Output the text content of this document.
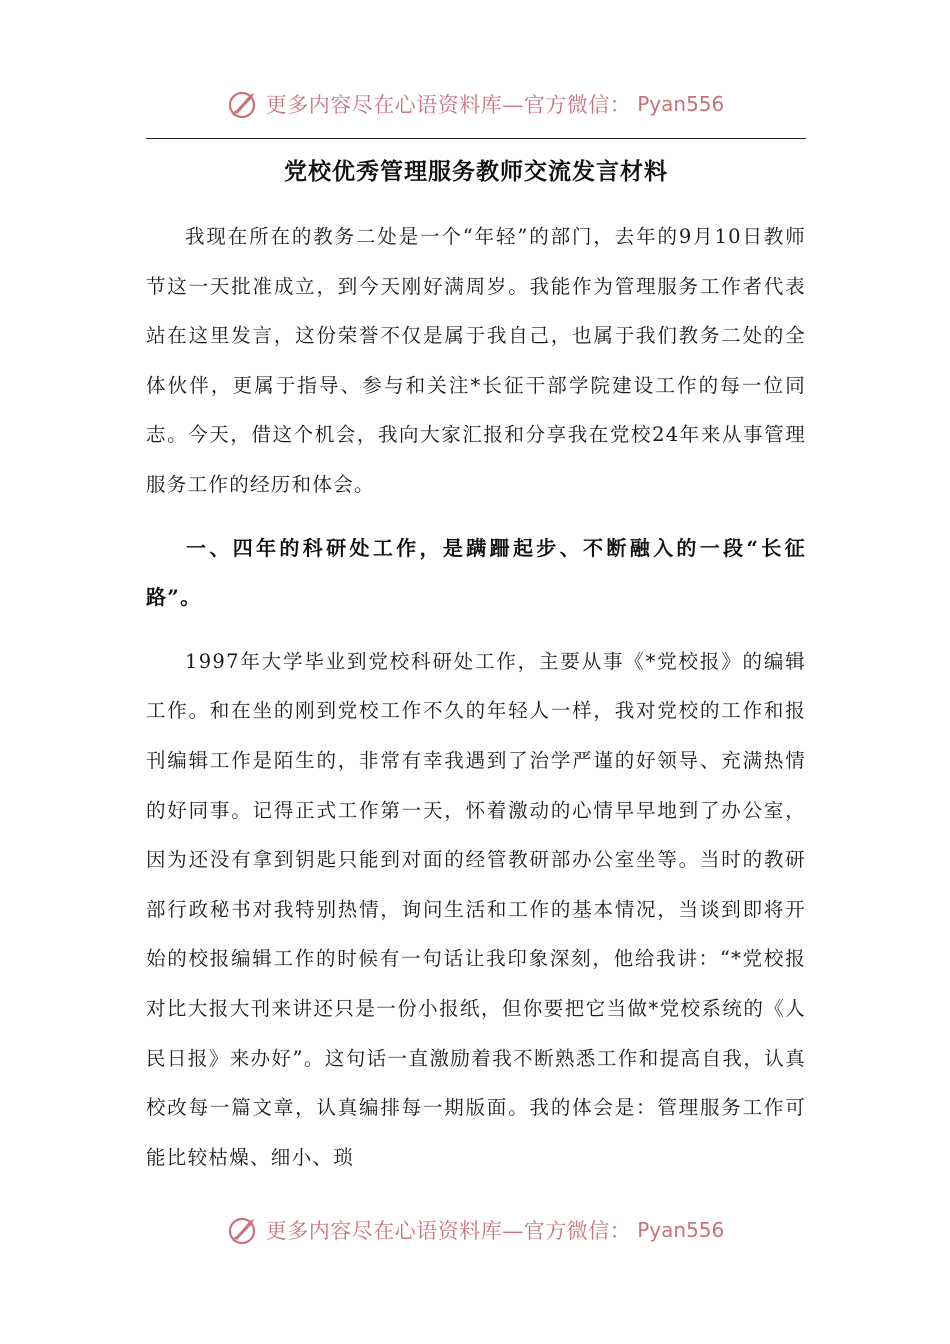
更多内容尽在心语资料库—官方微信： Pyan556
党校优秀管理服务教师交流发言材料

我现在所在的教务二处是一个“年轻”的部门，去年的9月10日教师节这一天批准成立，到今天刚好满周岁。我能作为管理服务工作者代表站在这里发言，这份荣誉不仅是属于我自己，也属于我们教务二处的全体伙伴，更属于指导、参与和关注*长征干部学院建设工作的每一位同志。今天，借这个机会，我向大家汇报和分享我在党校24年来从事管理服务工作的经历和体会。

一、四年的科研处工作，是蹒跚起步、不断融入的一段“长征路”。

1997年大学毕业到党校科研处工作，主要从事《*党校报》的编辑工作。和在坐的刚到党校工作不久的年轻人一样，我对党校的工作和报刊编辑工作是陌生的，非常有幸我遇到了治学严谨的好领导、充满热情的好同事。记得正式工作第一天，怀着激动的心情早早地到了办公室，因为还没有拿到钥匙只能到对面的经管教研部办公室坐等。当时的教研部行政秘书对我特别热情，询问生活和工作的基本情况，当谈到即将开始的校报编辑工作的时候有一句话让我印象深刻，他给我讲：“*党校报对比大报大刊来讲还只是一份小报纸，但你要把它当做*党校系统的《人民日报》来办好”。这句话一直激励着我不断熟悉工作和提高自我，认真校改每一篇文章，认真编排每一期版面。我的体会是：管理服务工作可能比较枯燥、细小、琐

更多内容尽在心语资料库—官方微信： Pyan556
